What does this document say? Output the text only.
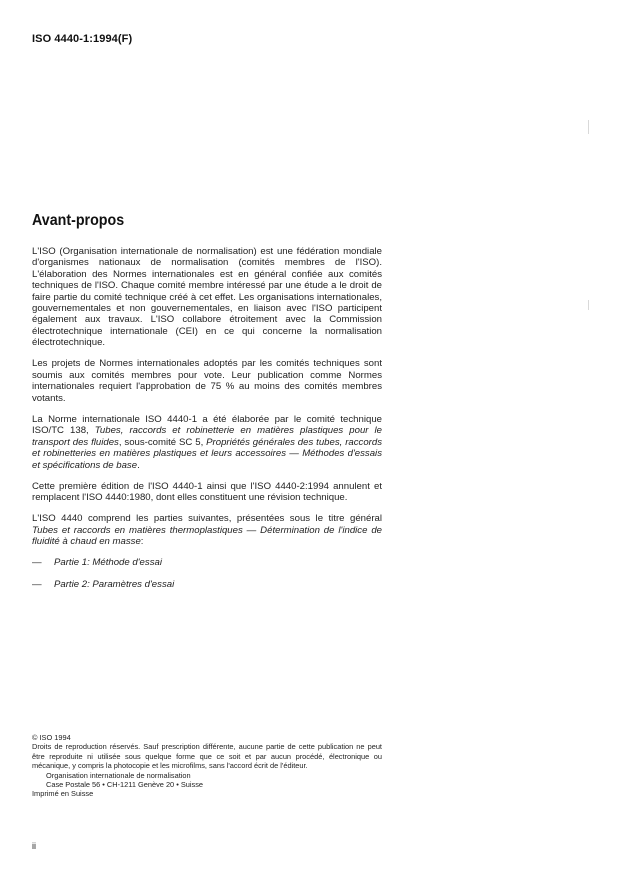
ISO 4440-1:1994(F)
Avant-propos

L'ISO (Organisation internationale de normalisation) est une fédération mondiale d'organismes nationaux de normalisation (comités membres de l'ISO). L'élaboration des Normes internationales est en général confiée aux comités techniques de l'ISO. Chaque comité membre intéressé par une étude a le droit de faire partie du comité technique créé à cet effet. Les organisations internationales, gouvernementales et non gouvernementales, en liaison avec l'ISO participent également aux travaux. L'ISO collabore étroitement avec la Commission électrotechnique internationale (CEI) en ce qui concerne la normalisation électrotechnique.

Les projets de Normes internationales adoptés par les comités techniques sont soumis aux comités membres pour vote. Leur publication comme Normes internationales requiert l'approbation de 75 % au moins des comités membres votants.

La Norme internationale ISO 4440-1 a été élaborée par le comité technique ISO/TC 138, Tubes, raccords et robinetterie en matières plastiques pour le transport des fluides, sous-comité SC 5, Propriétés générales des tubes, raccords et robinetteries en matières plastiques et leurs accessoires — Méthodes d'essais et spécifications de base.

Cette première édition de l'ISO 4440-1 ainsi que l'ISO 4440-2:1994 annulent et remplacent l'ISO 4440:1980, dont elles constituent une révision technique.

L'ISO 4440 comprend les parties suivantes, présentées sous le titre général Tubes et raccords en matières thermoplastiques — Détermination de l'indice de fluidité à chaud en masse:

— Partie 1: Méthode d'essai
— Partie 2: Paramètres d'essai
© ISO 1994
Droits de reproduction réservés. Sauf prescription différente, aucune partie de cette publication ne peut être reproduite ni utilisée sous quelque forme que ce soit et par aucun procédé, électronique ou mécanique, y compris la photocopie et les microfilms, sans l'accord écrit de l'éditeur.
Organisation internationale de normalisation
Case Postale 56 • CH-1211 Genève 20 • Suisse
Imprimé en Suisse
ii
